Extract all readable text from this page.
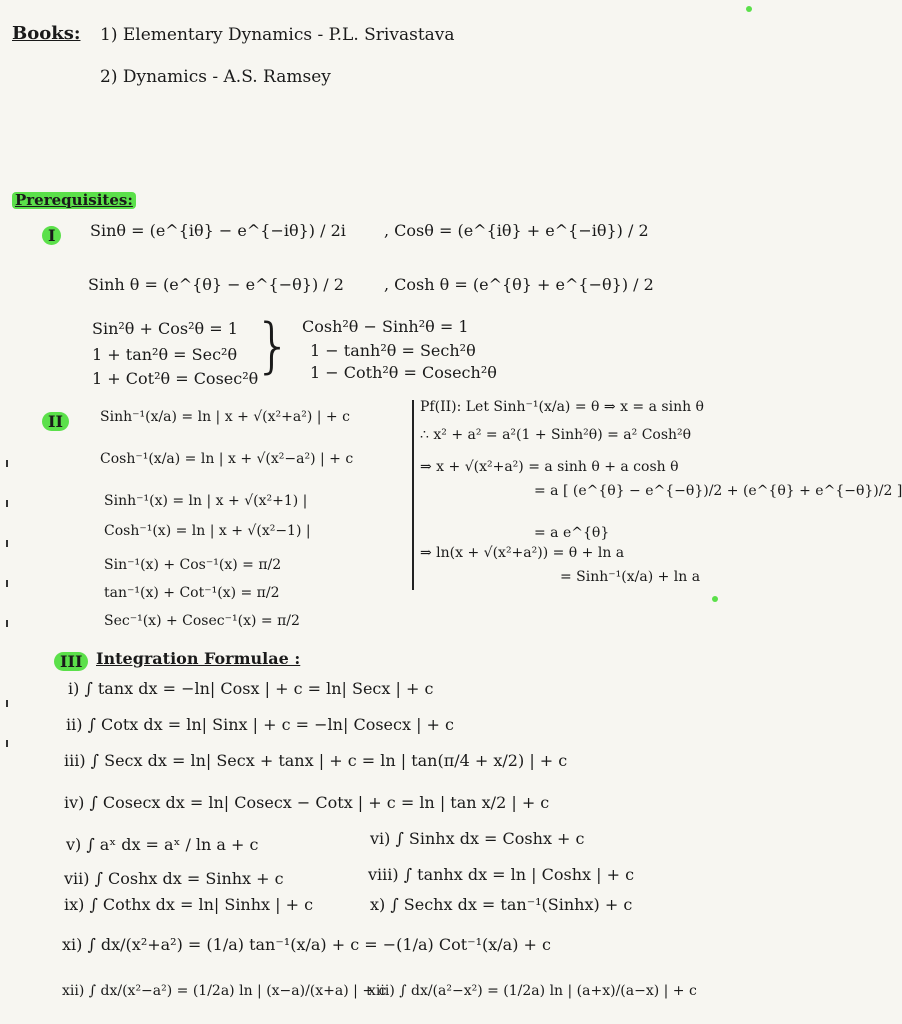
Books: 1) Elementary Dynamics - P.L. Srivastava
2) Dynamics - A.S. Ramsey
Prerequisites:
I	Sinθ = (e^{iθ} − e^{−iθ}) / 2i , Cosθ = (e^{iθ} + e^{−iθ}) / 2
Sinh θ = (e^{θ} − e^{−θ}) / 2	, Cosh θ = (e^{θ} + e^{−θ}) / 2
Sin²θ + Cos²θ = 1
1 + tan²θ = Sec²θ
1 + Cot²θ = Cosec²θ
} Cosh²θ − Sinh²θ = 1
1 − tanh²θ = Sech²θ
1 − Coth²θ = Cosech²θ
II	Sinh⁻¹(x/a) = ln | x + √(x²+a²) | + c
Cosh⁻¹(x/a) = ln | x + √(x²−a²) | + c
Sinh⁻¹(x) = ln | x + √(x²+1) |
Cosh⁻¹(x) = ln | x + √(x²−1) |
Sin⁻¹(x) + Cos⁻¹(x) = π/2
tan⁻¹(x) + Cot⁻¹(x) = π/2
Sec⁻¹(x) + Cosec⁻¹(x) = π/2
Pf(II): Let Sinh⁻¹(x/a) = θ ⇒ x = a sinh θ
∴ x² + a² = a²(1 + Sinh²θ) = a² Cosh²θ
⇒ x + √(x²+a²) = a sinh θ + a cosh θ
= a [ (e^{θ} − e^{−θ})/2 + (e^{θ} + e^{−θ})/2 ]
= a e^{θ}
⇒ ln(x + √(x²+a²)) = θ + ln a
= Sinh⁻¹(x/a) + ln a
III Integration Formulae :
i) ∫ tanx dx = −ln| Cosx | + c = ln| Secx | + c
ii) ∫ Cotx dx = ln| Sinx | + c = −ln| Cosecx | + c
iii) ∫ Secx dx = ln| Secx + tanx | + c = ln | tan(π/4 + x/2) | + c
iv) ∫ Cosecx dx = ln| Cosecx − Cotx | + c = ln | tan x/2 | + c
v) ∫ aˣ dx = aˣ / ln a + c	vi) ∫ Sinhx dx = Coshx + c
vii) ∫ Coshx dx = Sinhx + c	viii) ∫ tanhx dx = ln | Coshx | + c
ix) ∫ Cothx dx = ln| Sinhx | + c	x) ∫ Sechx dx = tan⁻¹(Sinhx) + c
xi) ∫ dx/(x²+a²) = (1/a) tan⁻¹(x/a) + c = −(1/a) Cot⁻¹(x/a) + c
xii) ∫ dx/(x²−a²) = (1/2a) ln | (x−a)/(x+a) | + c
xiii) ∫ dx/(a²−x²) = (1/2a) ln | (a+x)/(a−x) | + c
